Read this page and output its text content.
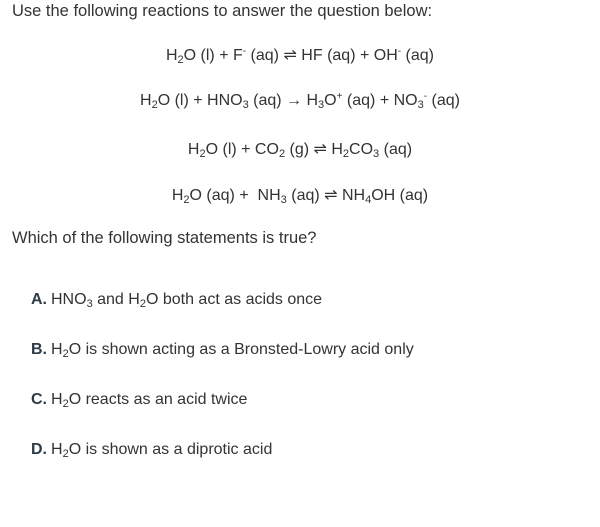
Use the following reactions to answer the question below:
$H_2O$ (l) + F- (aq) ⇌ HF (aq) + OH- (aq)
$H_2O$ $(l) + HNO_3$ $(aq) \to H_3O^+$ $(aq) + NO_3^-$ (aq)
$H_2O$ $(l) + CO_2$ (g) ⇌ $H_2CO_3$ (aq)
$H_2O$ $(aq) + NH_3$ (aq) ⇌ $NH_4OH$ (aq)
Which of the following statements is true?
A. $HNO_3$ and $H_2O$ both act as acids once
B. $H_2O$ is shown acting as a Bronsted-Lowry acid only
C. $H_2O$ reacts as an acid twice
D. $H_2O$ is shown as a diprotic acid
